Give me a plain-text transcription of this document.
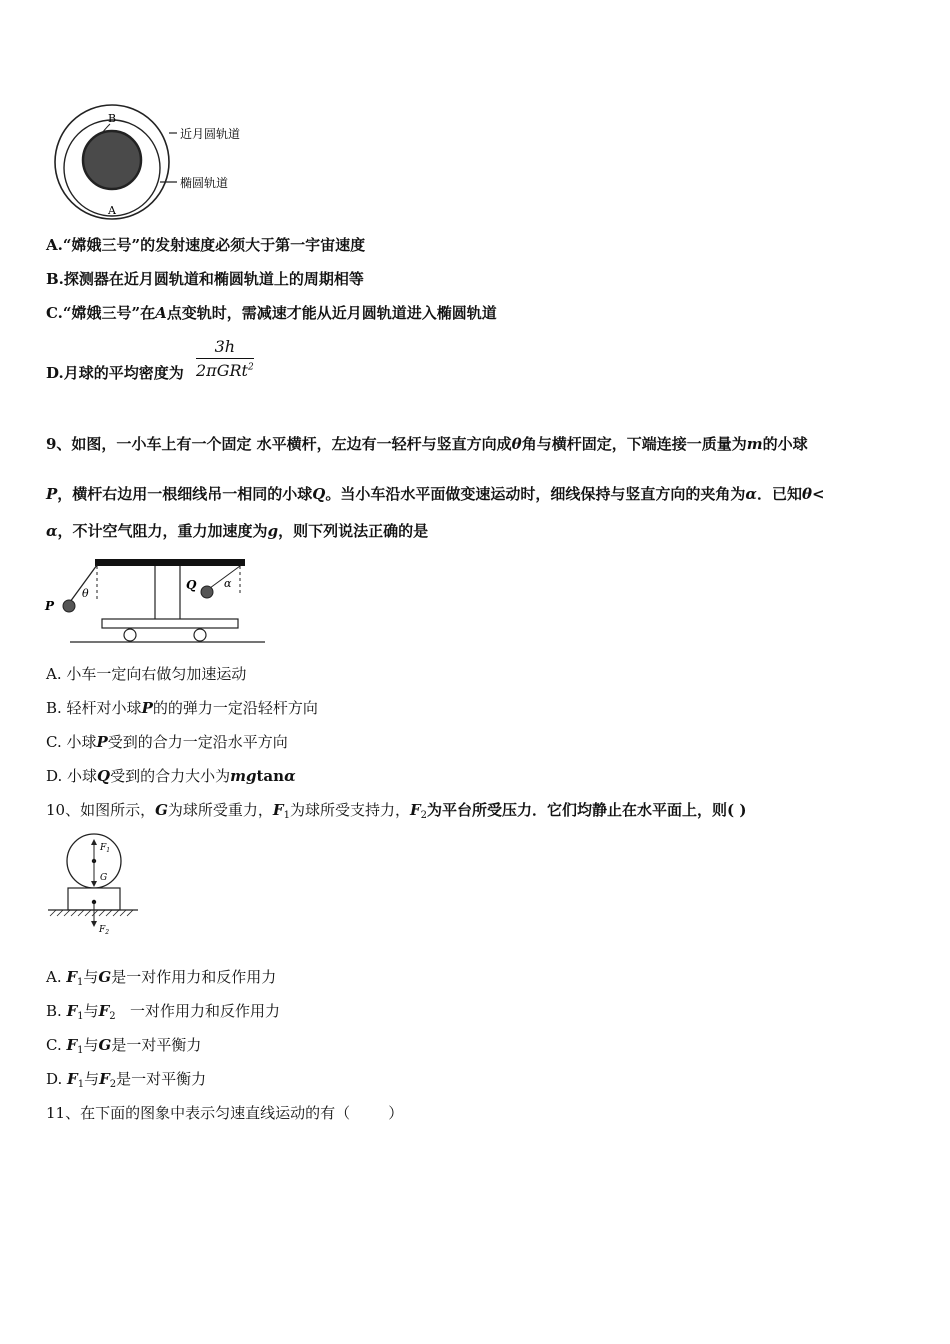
B
A
近月圆轨道
椭圆轨道
A.“嫦娥三号”的发射速度必须大于第一宇宙速度
B.探测器在近月圆轨道和椭圆轨道上的周期相等
C.“嫦娥三号”在A点变轨时，需减速才能从近月圆轨道进入椭圆轨道
D.月球的平均密度为
3h
2πGRt$^2$
9、如图，一小车上有一个固定 水平横杆，左边有一轻杆与竖直方向成θ角与横杆固定，下端连接一质量为m的小球
P，横杆右边用一根细线吊一相同的小球Q。当小车沿水平面做变速运动时，细线保持与竖直方向的夹角为α．已知θ<
α，不计空气阻力，重力加速度为g，则下列说法正确的是
P
θ
Q	α
A. 小车一定向右做匀加速运动
B. 轻杆对小球P的的弹力一定沿轻杆方向
C. 小球P受到的合力一定沿水平方向
D. 小球Q受到的合力大小为mgtanα
10、如图所示，G为球所受重力，$F_1$为球所受支持力，$F_2$为平台所受压力．它们均静止在水平面上，则( )
$F_1$
G
$F_2$
A. $F_1$与G是一对作用力和反作用力
B. $F_1$与$F_2$   一对作用力和反作用力
C. $F_1$与G是一对平衡力
D. $F_1$与$F_2$是一对平衡力
11、在下面的图象中表示匀速直线运动的有（        ）
